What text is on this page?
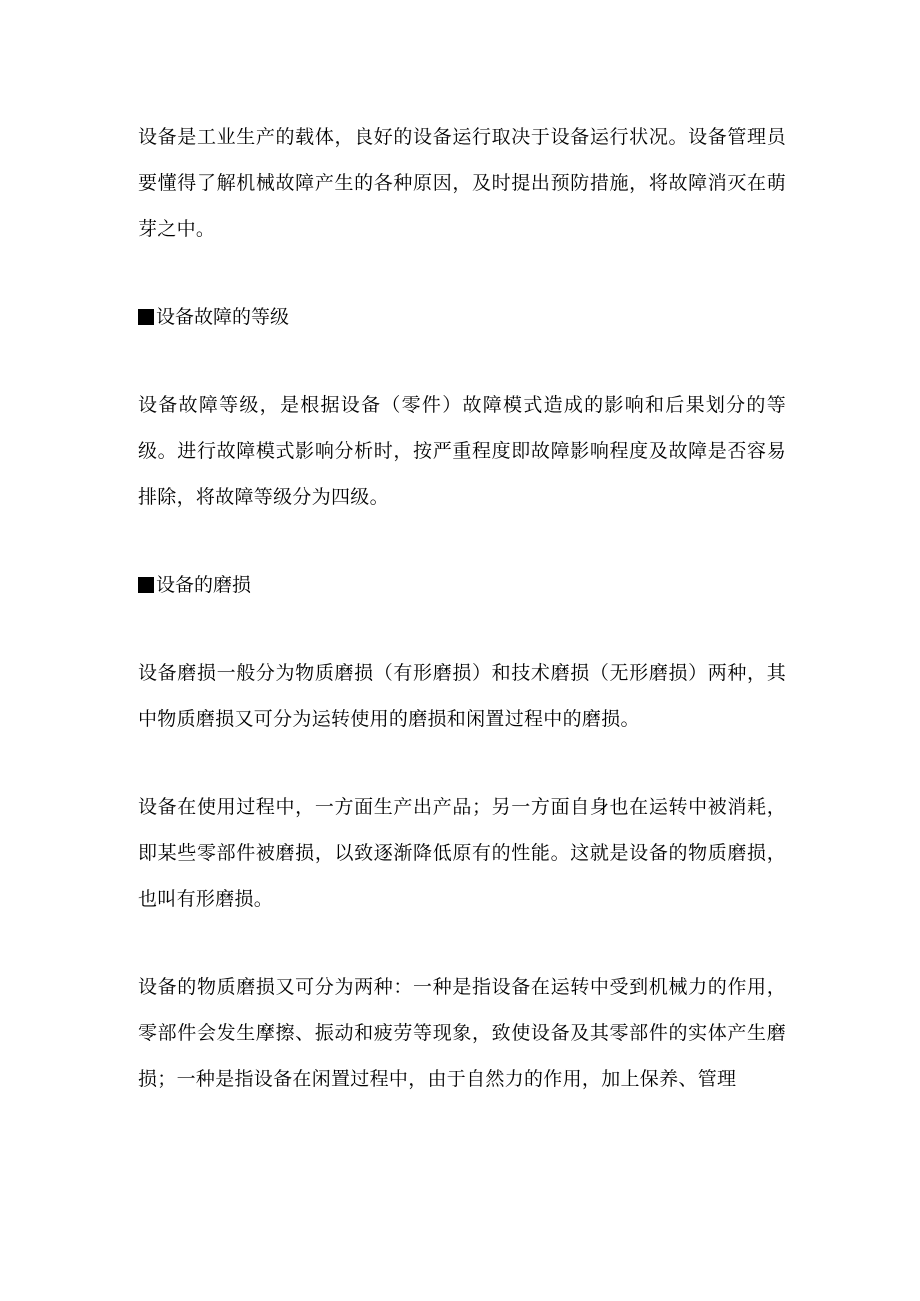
设备是工业生产的载体，良好的设备运行取决于设备运行状况。设备管理员要懂得了解机械故障产生的各种原因，及时提出预防措施，将故障消灭在萌芽之中。

设备故障的等级

设备故障等级，是根据设备（零件）故障模式造成的影响和后果划分的等级。进行故障模式影响分析时，按严重程度即故障影响程度及故障是否容易排除，将故障等级分为四级。

设备的磨损

设备磨损一般分为物质磨损（有形磨损）和技术磨损（无形磨损）两种，其中物质磨损又可分为运转使用的磨损和闲置过程中的磨损。

设备在使用过程中，一方面生产出产品；另一方面自身也在运转中被消耗，即某些零部件被磨损，以致逐渐降低原有的性能。这就是设备的物质磨损，也叫有形磨损。

设备的物质磨损又可分为两种：一种是指设备在运转中受到机械力的作用，零部件会发生摩擦、振动和疲劳等现象，致使设备及其零部件的实体产生磨损；一种是指设备在闲置过程中，由于自然力的作用，加上保养、管理
